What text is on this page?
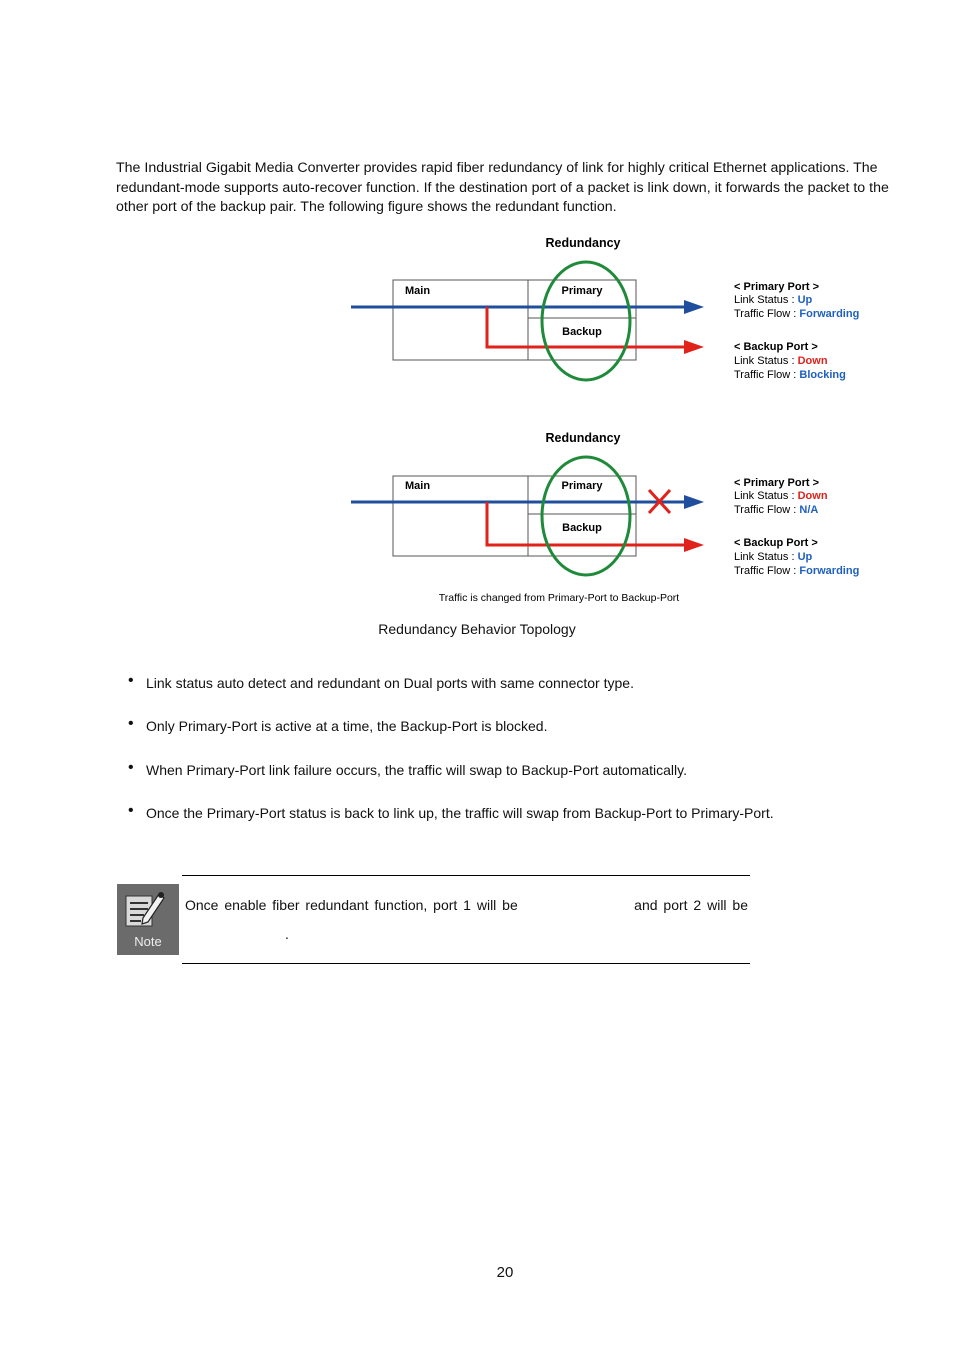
The Industrial Gigabit Media Converter provides rapid fiber redundancy of link for highly critical Ethernet applications. The redundant-mode supports auto-recover function. If the destination port of a packet is link down, it forwards the packet to the other port of the backup pair. The following figure shows the redundant function.

Redundancy
Main	Primary
Backup
< Primary Port >
Link Status : Up
Traffic Flow : Forwarding
< Backup Port >
Link Status : Down
Traffic Flow : Blocking
Redundancy
Main	Primary
Backup
< Primary Port >
Link Status : Down
Traffic Flow : N/A
< Backup Port >
Link Status : Up
Traffic Flow : Forwarding
Traffic is changed from Primary-Port to Backup-Port
Redundancy Behavior Topology
• Link status auto detect and redundant on Dual ports with same connector type.
• Only Primary-Port is active at a time, the Backup-Port is blocked.
• When Primary-Port link failure occurs, the traffic will swap to Backup-Port automatically.
• Once the Primary-Port status is back to link up, the traffic will swap from Backup-Port to Primary-Port.
Note
Once enable fiber redundant function, port 1 will be	and port 2 will be
.
20
